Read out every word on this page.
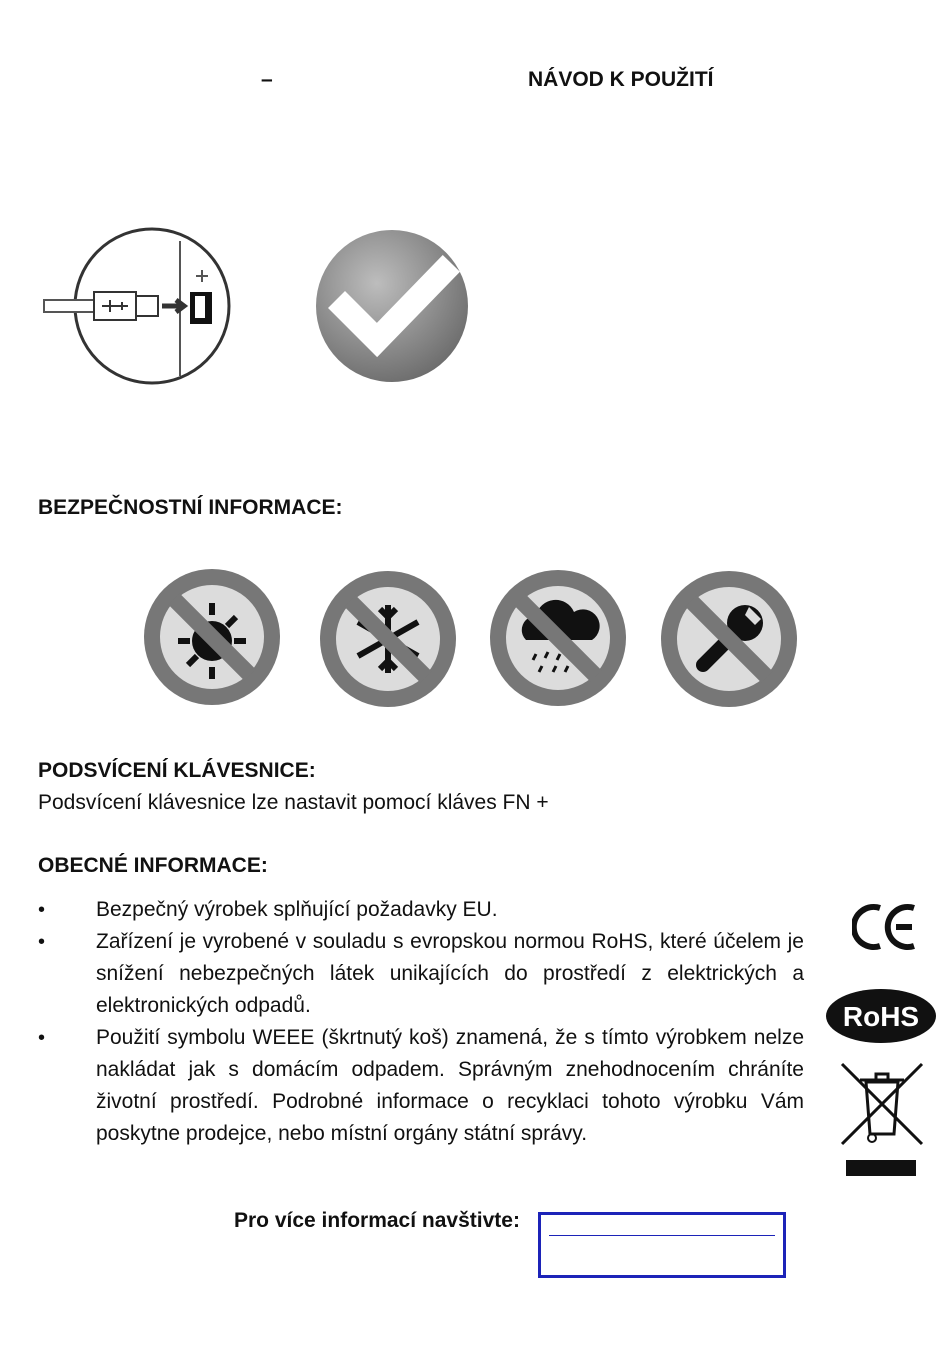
–	NÁVOD K POUŽITÍ
BEZPEČNOSTNÍ INFORMACE:
PODSVÍCENÍ KLÁVESNICE:
Podsvícení klávesnice lze nastavit pomocí kláves FN +
OBECNÉ INFORMACE:
• Bezpečný výrobek splňující požadavky EU.
• Zařízení je vyrobené v souladu s evropskou normou RoHS, které účelem je snížení nebezpečných látek unikajících do prostředí z elektrických a elektronických odpadů.
• Použití symbolu WEEE (škrtnutý koš) znamená, že s tímto výrobkem nelze nakládat jak s domácím odpadem. Správným znehodnocením chráníte životní prostředí. Podrobné informace o recyklaci tohoto výrobku Vám poskytne prodejce, nebo místní orgány státní správy.
RoHS
Pro více informací navštivte:
